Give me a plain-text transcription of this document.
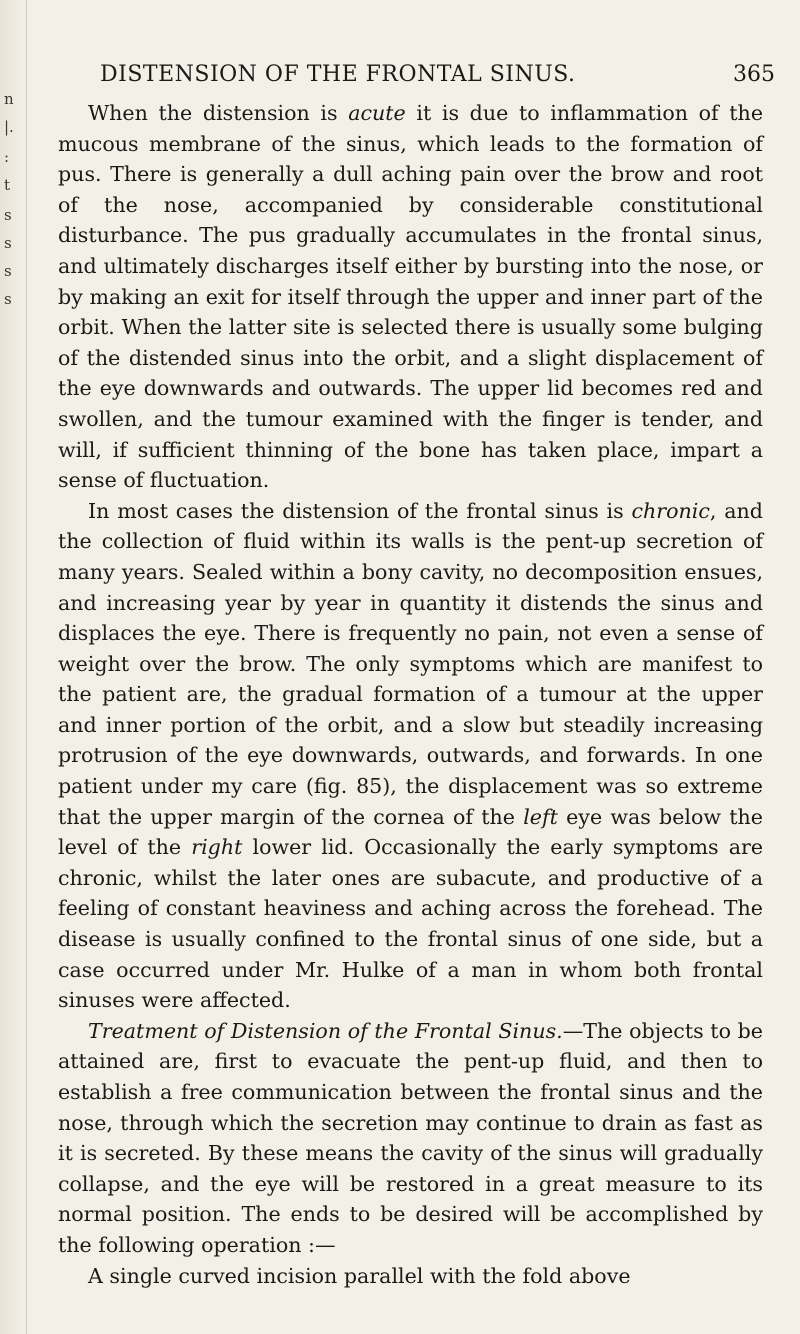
n
|.
:
t
s
s
s
s
DISTENSION OF THE FRONTAL SINUS.	365

When the distension is acute it is due to inflammation of the mucous membrane of the sinus, which leads to the formation of pus. There is generally a dull aching pain over the brow and root of the nose, accompanied by considerable constitutional disturbance. The pus gradually accumulates in the frontal sinus, and ultimately discharges itself either by bursting into the nose, or by making an exit for itself through the upper and inner part of the orbit. When the latter site is selected there is usually some bulging of the distended sinus into the orbit, and a slight displacement of the eye downwards and outwards. The upper lid becomes red and swollen, and the tumour examined with the finger is tender, and will, if sufficient thinning of the bone has taken place, impart a sense of fluctuation.

In most cases the distension of the frontal sinus is chronic, and the collection of fluid within its walls is the pent-up secretion of many years. Sealed within a bony cavity, no decomposition ensues, and increasing year by year in quantity it distends the sinus and displaces the eye. There is frequently no pain, not even a sense of weight over the brow. The only symptoms which are manifest to the patient are, the gradual formation of a tumour at the upper and inner portion of the orbit, and a slow but steadily increasing protrusion of the eye downwards, outwards, and forwards. In one patient under my care (fig. 85), the displacement was so extreme that the upper margin of the cornea of the left eye was below the level of the right lower lid. Occasionally the early symptoms are chronic, whilst the later ones are subacute, and productive of a feeling of constant heaviness and aching across the forehead. The disease is usually confined to the frontal sinus of one side, but a case occurred under Mr. Hulke of a man in whom both frontal sinuses were affected.

Treatment of Distension of the Frontal Sinus.—The objects to be attained are, first to evacuate the pent-up fluid, and then to establish a free communication between the frontal sinus and the nose, through which the secretion may continue to drain as fast as it is secreted. By these means the cavity of the sinus will gradually collapse, and the eye will be restored in a great measure to its normal position. The ends to be desired will be accomplished by the following operation :—

A single curved incision parallel with the fold above
